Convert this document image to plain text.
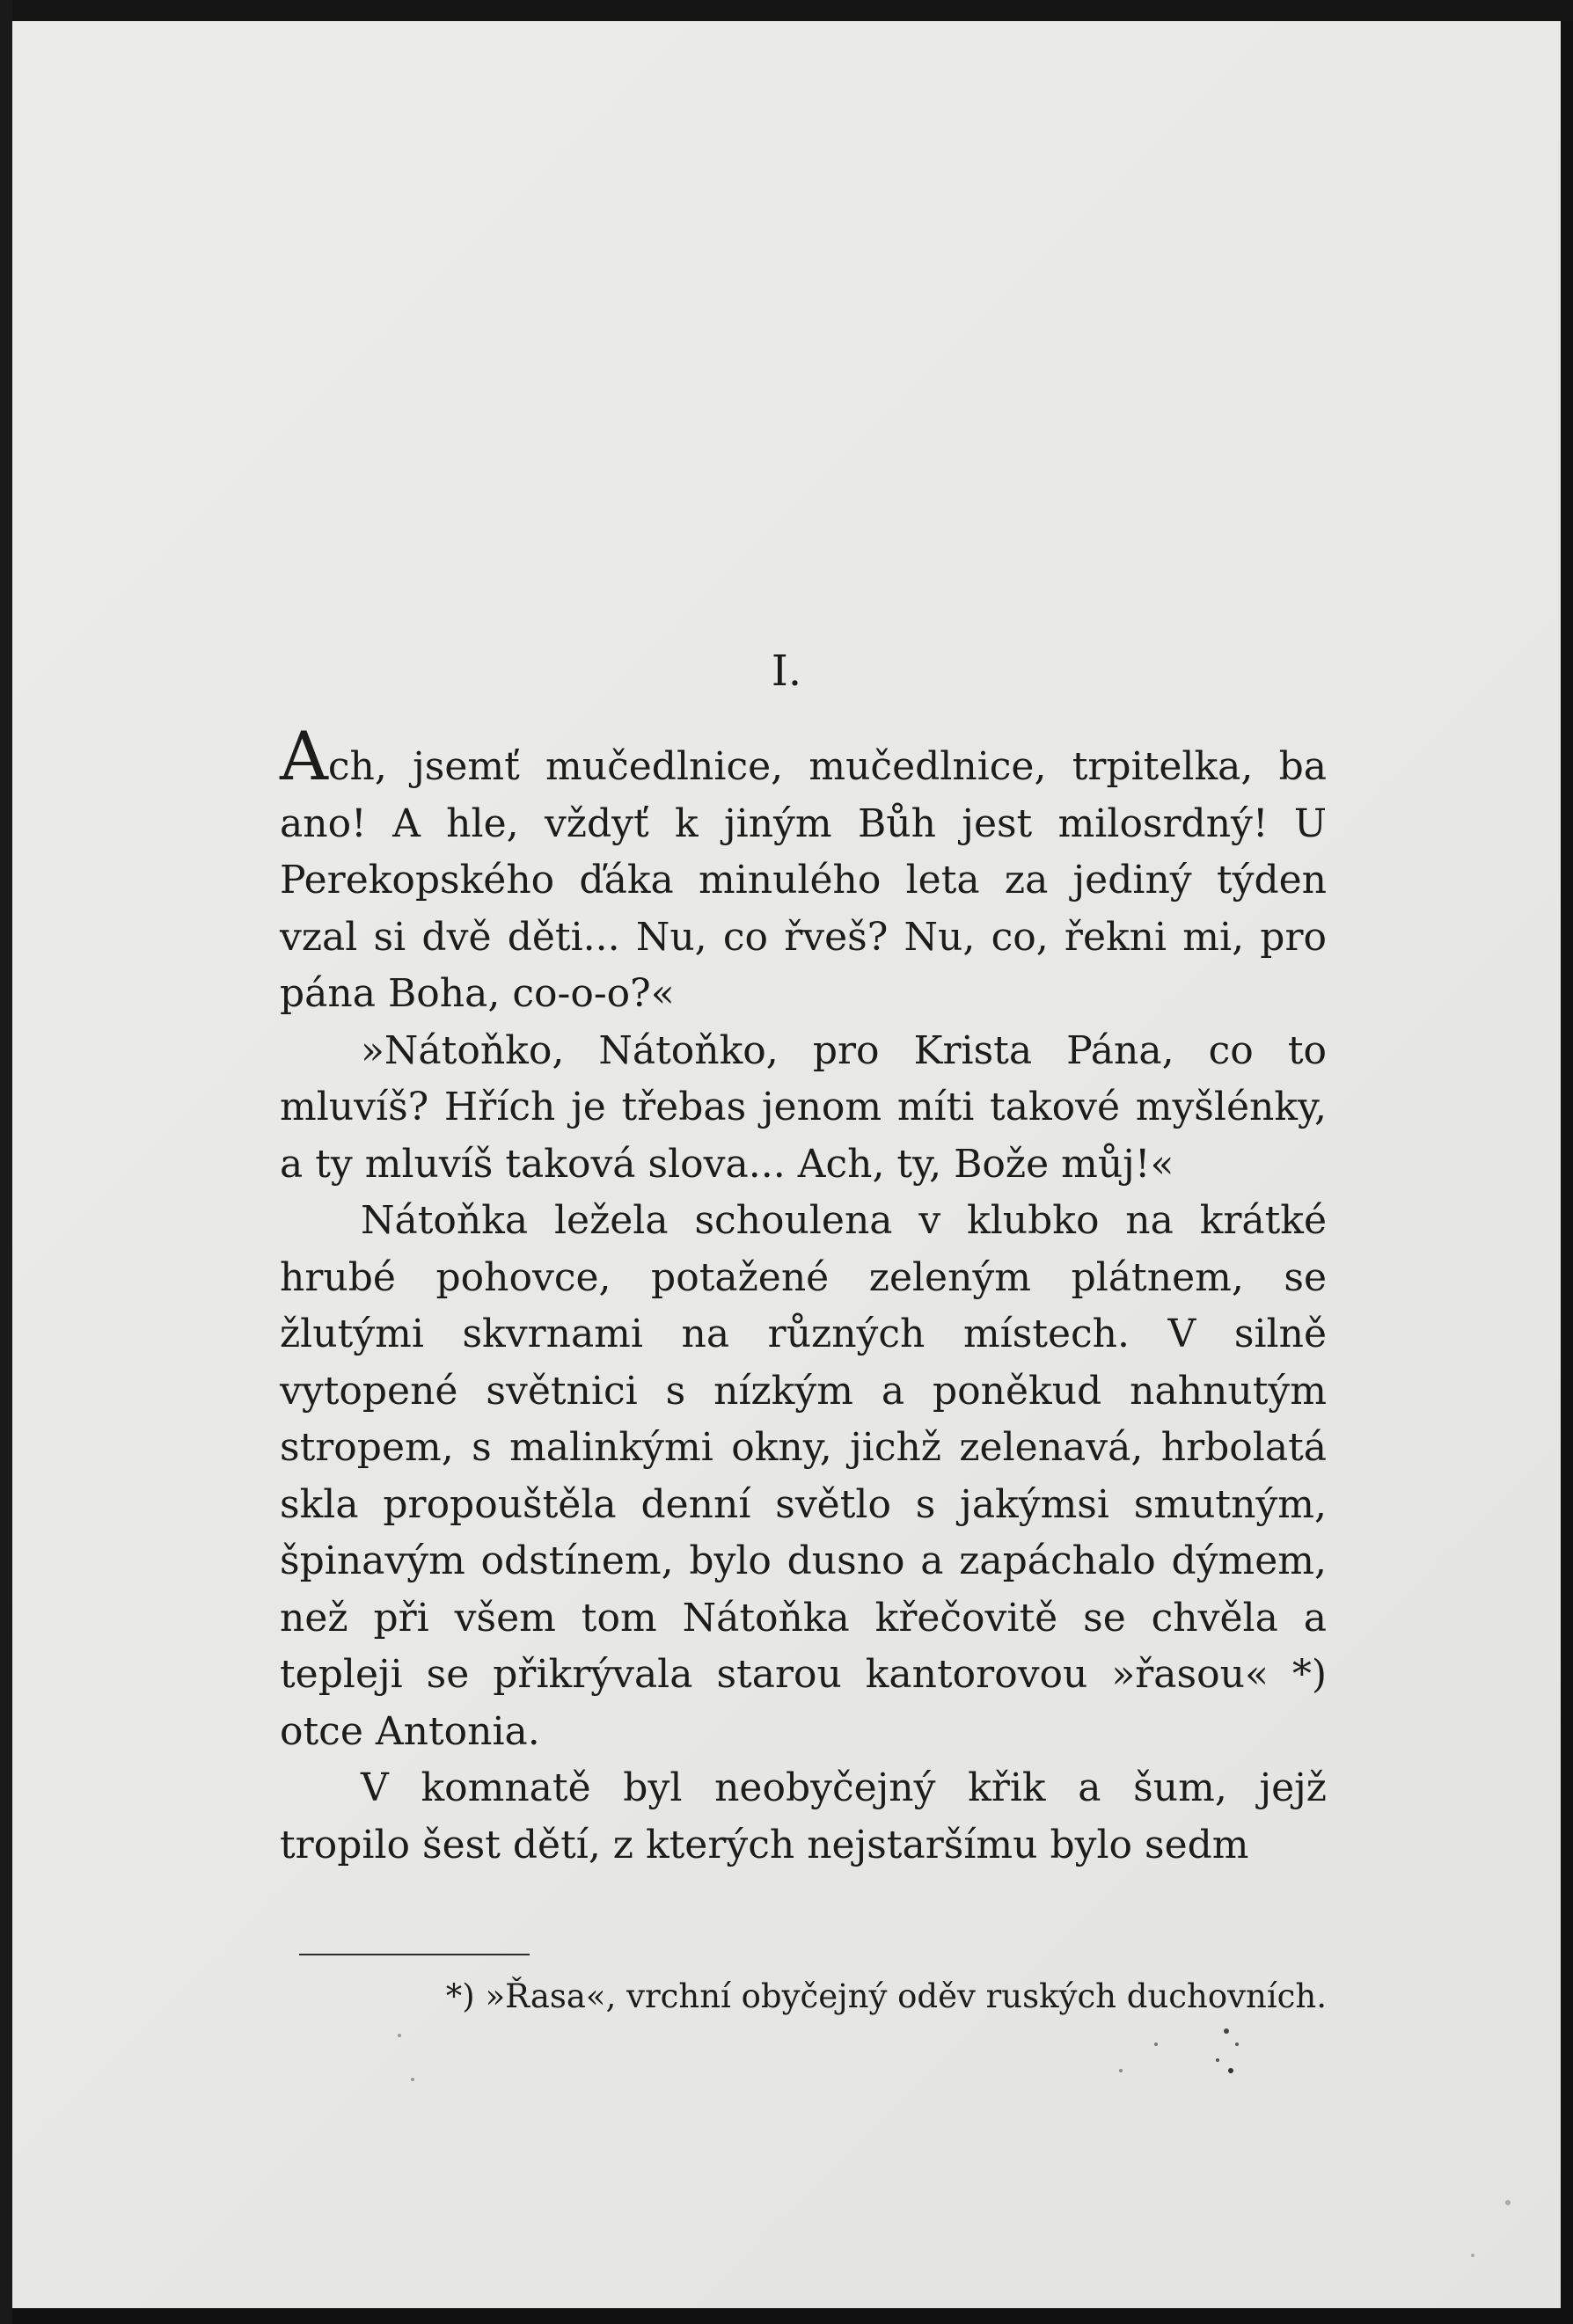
I.

Ach, jsemť mučedlnice, mučedlnice, trpitelka, ba ano! A hle, vždyť k jiným Bůh jest milosrdný! U Perekopského ďáka minulého leta za jediný týden vzal si dvě děti... Nu, co řveš? Nu, co, řekni mi, pro pána Boha, co-o-o?«

»Nátoňko, Nátoňko, pro Krista Pána, co to mluvíš? Hřích je třebas jenom míti takové myšlénky, a ty mluvíš taková slova... Ach, ty, Bože můj!«

Nátoňka ležela schoulena v klubko na krátké hrubé pohovce, potažené zeleným plátnem, se žlutými skvrnami na různých místech. V silně vytopené světnici s nízkým a poněkud nahnutým stropem, s malinkými okny, jichž zelenavá, hrbolatá skla propouštěla denní světlo s jakýmsi smutným, špinavým odstínem, bylo dusno a zapáchalo dýmem, než při všem tom Nátoňka křečovitě se chvěla a tepleji se přikrývala starou kantorovou »řasou« *) otce Antonia.

V komnatě byl neobyčejný křik a šum, jejž tropilo šest dětí, z kterých nejstaršímu bylo sedm

*) »Řasa«, vrchní obyčejný oděv ruských duchovních.
